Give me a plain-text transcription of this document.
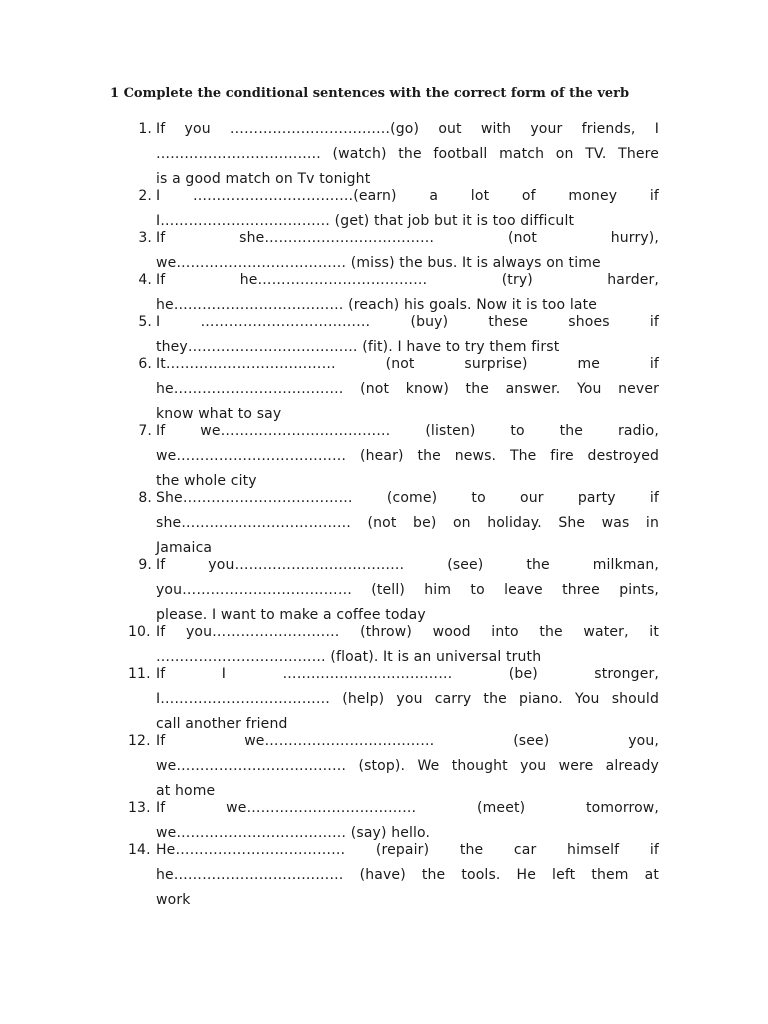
1 Complete the conditional sentences with the correct form of the verb
1. If you ………………………….…(go) out with your friends, I
…………………………….. (watch) the football match on TV. There
is a good match on Tv tonight
2. I ………………………….…(earn) a lot of money if
I……………………………… (get) that job but it is too difficult
3. If she……………………………… (not hurry),
we……………………………… (miss) the bus. It is always on time
4. If he……………………………… (try) harder,
he……………………………… (reach) his goals. Now it is too late
5. I ……………………………… (buy) these shoes if
they……………………………… (fit). I have to try them first
6. It……………………………… (not surprise) me if
he……………………………… (not know) the answer. You never
know what to say
7. If we……………………………… (listen) to the radio,
we……………………………… (hear) the news. The fire destroyed
the whole city
8. She……………………………… (come) to our party if
she……………………………… (not be) on holiday. She was in
Jamaica
9. If you……………………………… (see) the milkman,
you……………………………… (tell) him to leave three pints,
please. I want to make a coffee today
10. If you……………………… (throw) wood into the water, it
……………………………… (float). It is an universal truth
11. If I ……………………………… (be) stronger,
I……………………………… (help) you carry the piano. You should
call another friend
12. If we……………………………… (see) you,
we……………………………… (stop). We thought you were already
at home
13. If we……………………………… (meet) tomorrow,
we……………………………… (say) hello.
14. He……………………………… (repair) the car himself if
he……………………………… (have) the tools. He left them at
work
